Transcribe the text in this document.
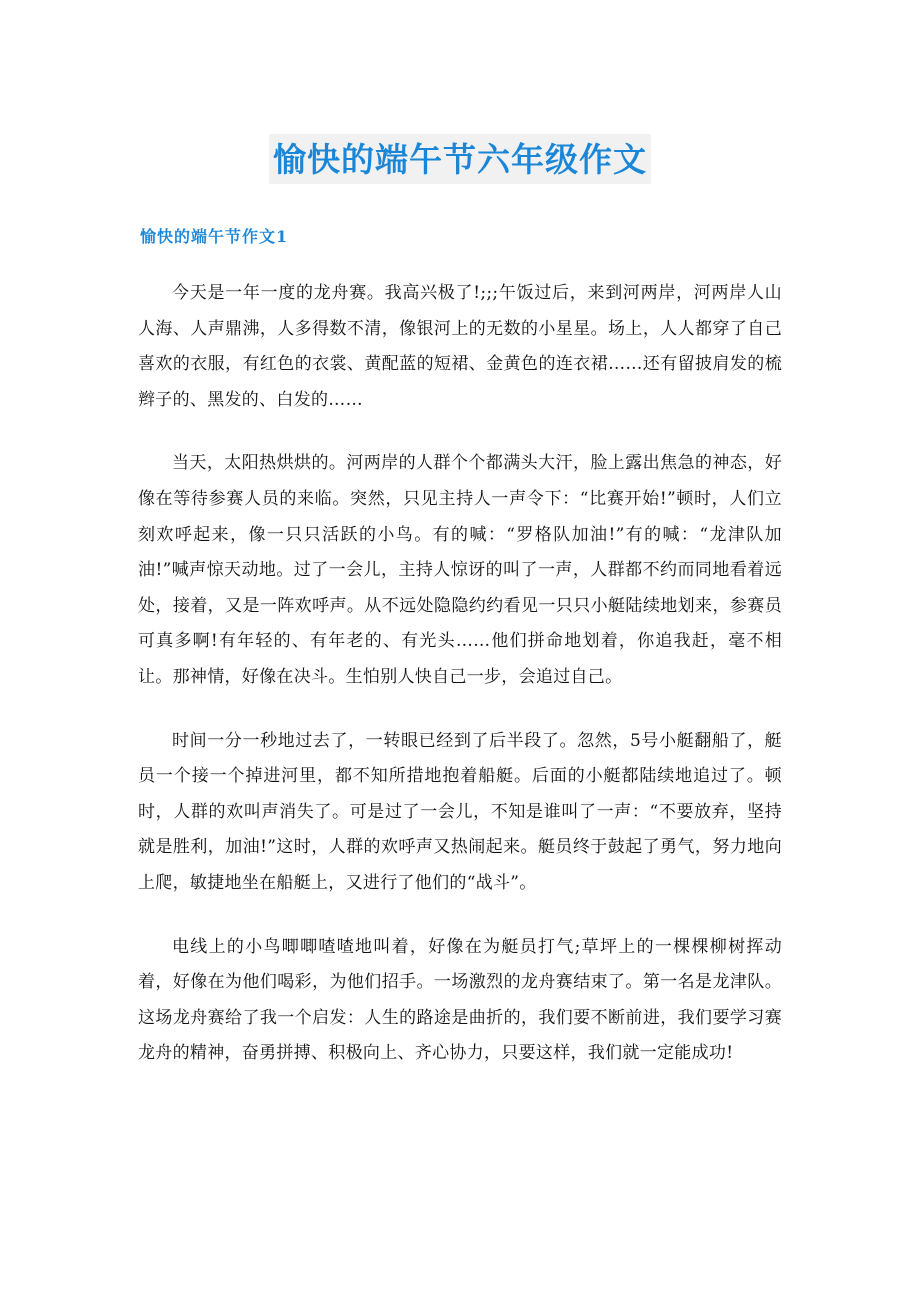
愉快的端午节六年级作文
愉快的端午节作文1

今天是一年一度的龙舟赛。我高兴极了!;;;午饭过后，来到河两岸，河两岸人山人海、人声鼎沸，人多得数不清，像银河上的无数的小星星。场上，人人都穿了自己喜欢的衣服，有红色的衣裳、黄配蓝的短裙、金黄色的连衣裙……还有留披肩发的梳辫子的、黑发的、白发的……

当天，太阳热烘烘的。河两岸的人群个个都满头大汗，脸上露出焦急的神态，好像在等待参赛人员的来临。突然，只见主持人一声令下：“比赛开始!”顿时，人们立刻欢呼起来，像一只只活跃的小鸟。有的喊：“罗格队加油!”有的喊：“龙津队加油!”喊声惊天动地。过了一会儿，主持人惊讶的叫了一声，人群都不约而同地看着远处，接着，又是一阵欢呼声。从不远处隐隐约约看见一只只小艇陆续地划来，参赛员可真多啊!有年轻的、有年老的、有光头……他们拼命地划着，你追我赶，毫不相让。那神情，好像在决斗。生怕别人快自己一步，会追过自己。

时间一分一秒地过去了，一转眼已经到了后半段了。忽然，5号小艇翻船了，艇员一个接一个掉进河里，都不知所措地抱着船艇。后面的小艇都陆续地追过了。顿时，人群的欢叫声消失了。可是过了一会儿，不知是谁叫了一声：“不要放弃，坚持就是胜利，加油!”这时，人群的欢呼声又热闹起来。艇员终于鼓起了勇气，努力地向上爬，敏捷地坐在船艇上，又进行了他们的“战斗”。

电线上的小鸟唧唧喳喳地叫着，好像在为艇员打气;草坪上的一棵棵柳树挥动着，好像在为他们喝彩，为他们招手。一场激烈的龙舟赛结束了。第一名是龙津队。这场龙舟赛给了我一个启发：人生的路途是曲折的，我们要不断前进，我们要学习赛龙舟的精神，奋勇拼搏、积极向上、齐心协力，只要这样，我们就一定能成功!
